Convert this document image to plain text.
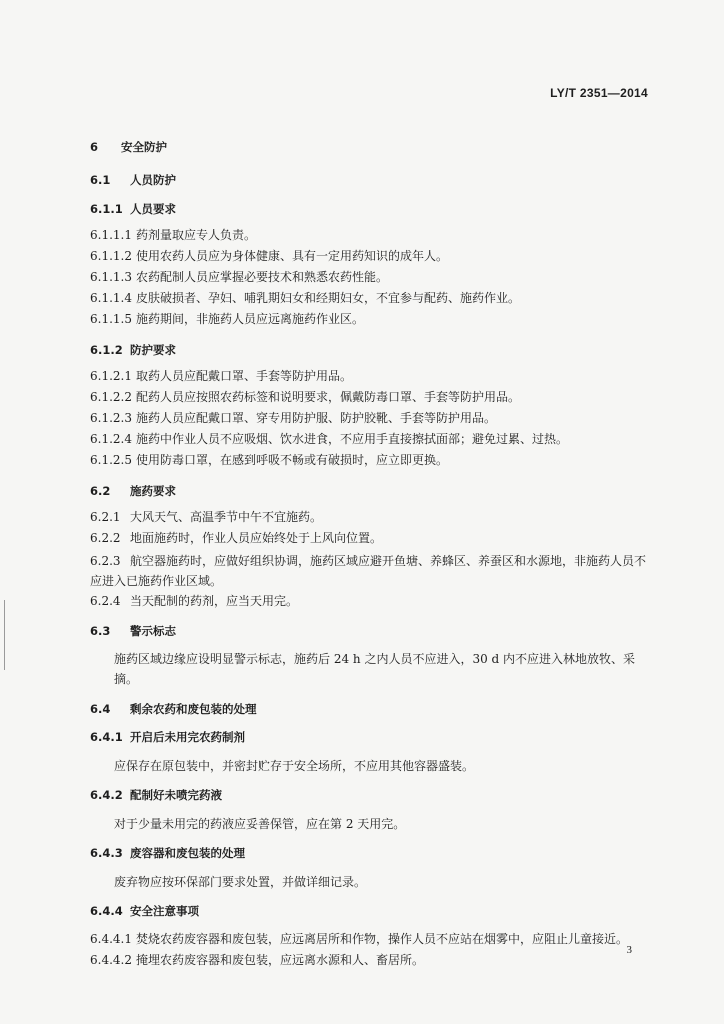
LY/T 2351—2014
6 安全防护
6.1 人员防护
6.1.1 人员要求
6.1.1.1 药剂量取应专人负责。
6.1.1.2 使用农药人员应为身体健康、具有一定用药知识的成年人。
6.1.1.3 农药配制人员应掌握必要技术和熟悉农药性能。
6.1.1.4 皮肤破损者、孕妇、哺乳期妇女和经期妇女，不宜参与配药、施药作业。
6.1.1.5 施药期间，非施药人员应远离施药作业区。
6.1.2 防护要求
6.1.2.1 取药人员应配戴口罩、手套等防护用品。
6.1.2.2 配药人员应按照农药标签和说明要求，佩戴防毒口罩、手套等防护用品。
6.1.2.3 施药人员应配戴口罩、穿专用防护服、防护胶靴、手套等防护用品。
6.1.2.4 施药中作业人员不应吸烟、饮水进食，不应用手直接擦拭面部；避免过累、过热。
6.1.2.5 使用防毒口罩，在感到呼吸不畅或有破损时，应立即更换。
6.2 施药要求
6.2.1 大风天气、高温季节中午不宜施药。
6.2.2 地面施药时，作业人员应始终处于上风向位置。
6.2.3 航空器施药时，应做好组织协调，施药区域应避开鱼塘、养蜂区、养蚕区和水源地，非施药人员不应进入已施药作业区域。
6.2.4 当天配制的药剂，应当天用完。
6.3 警示标志
施药区域边缘应设明显警示标志，施药后 24 h 之内人员不应进入，30 d 内不应进入林地放牧、采摘。
6.4 剩余农药和废包装的处理
6.4.1 开启后未用完农药制剂
应保存在原包装中，并密封贮存于安全场所，不应用其他容器盛装。
6.4.2 配制好未喷完药液
对于少量未用完的药液应妥善保管，应在第 2 天用完。
6.4.3 废容器和废包装的处理
废弃物应按环保部门要求处置，并做详细记录。
6.4.4 安全注意事项
6.4.4.1 焚烧农药废容器和废包装，应远离居所和作物，操作人员不应站在烟雾中，应阻止儿童接近。
6.4.4.2 掩埋农药废容器和废包装，应远离水源和人、畜居所。
3
